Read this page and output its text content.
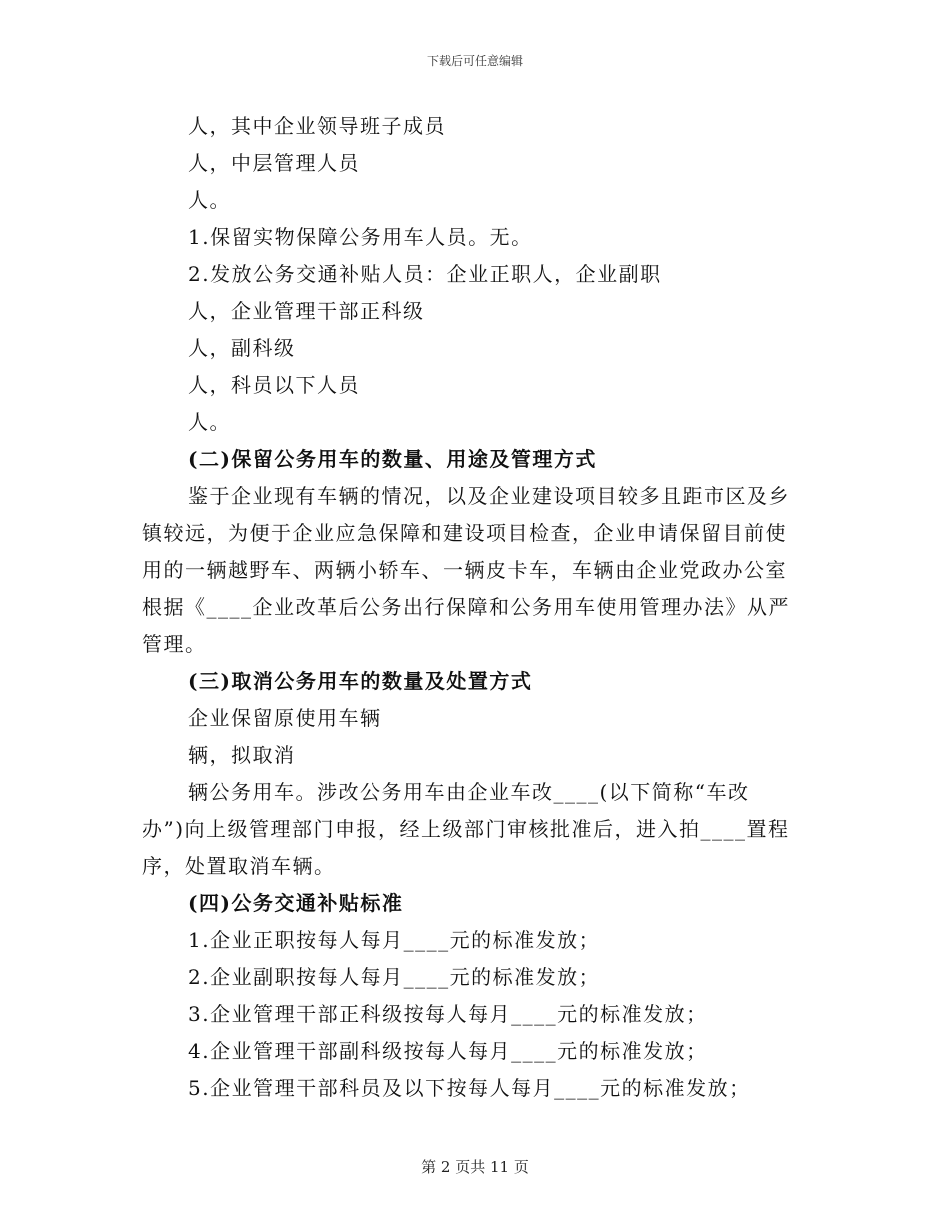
下载后可任意编辑
人，其中企业领导班子成员
人，中层管理人员
人。
1.保留实物保障公务用车人员。无。
2.发放公务交通补贴人员：企业正职人，企业副职
人，企业管理干部正科级
人，副科级
人，科员以下人员
人。
(二)保留公务用车的数量、用途及管理方式
鉴于企业现有车辆的情况，以及企业建设项目较多且距市区及乡
镇较远，为便于企业应急保障和建设项目检查，企业申请保留目前使
用的一辆越野车、两辆小轿车、一辆皮卡车，车辆由企业党政办公室
根据《____企业改革后公务出行保障和公务用车使用管理办法》从严
管理。
(三)取消公务用车的数量及处置方式
企业保留原使用车辆
辆，拟取消
辆公务用车。涉改公务用车由企业车改____(以下简称“车改
办”)向上级管理部门申报，经上级部门审核批准后，进入拍____置程
序，处置取消车辆。
(四)公务交通补贴标准
1.企业正职按每人每月____元的标准发放；
2.企业副职按每人每月____元的标准发放；
3.企业管理干部正科级按每人每月____元的标准发放；
4.企业管理干部副科级按每人每月____元的标准发放；
5.企业管理干部科员及以下按每人每月____元的标准发放；
第 2 页共 11 页
